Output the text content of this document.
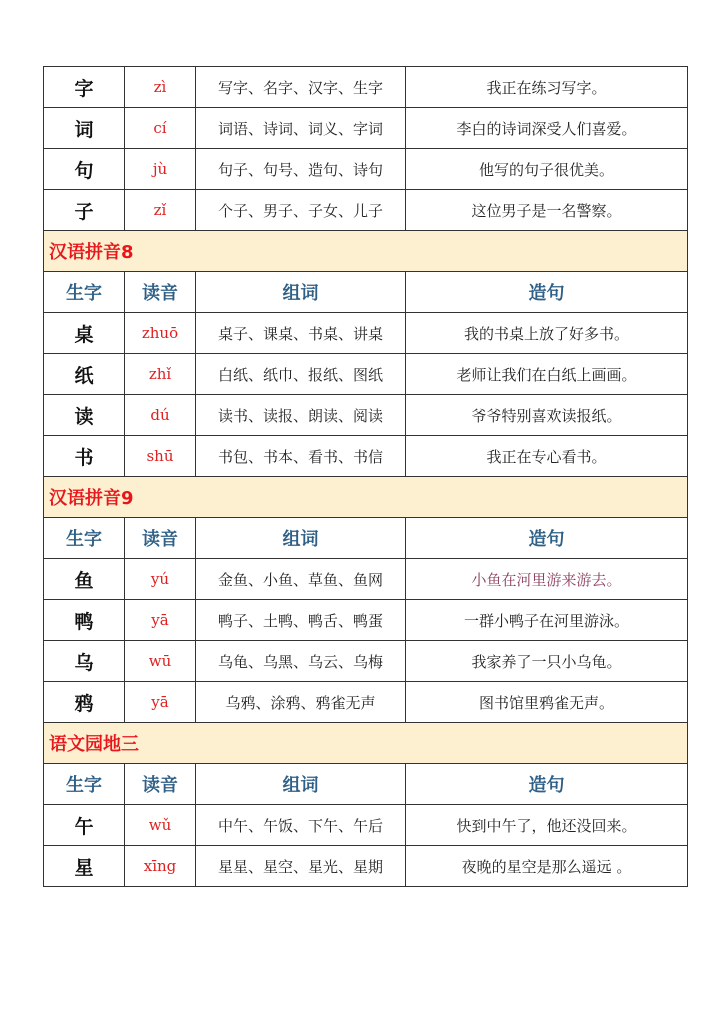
字	zì	写字、名字、汉字、生字	我正在练习写字。
词	cí	词语、诗词、词义、字词	李白的诗词深受人们喜爱。
句	jù	句子、句号、造句、诗句	他写的句子很优美。
子	zǐ	个子、男子、子女、儿子	这位男子是一名警察。
汉语拼音8			
生字	读音	组词	造句
桌	zhuō	桌子、课桌、书桌、讲桌	我的书桌上放了好多书。
纸	zhǐ	白纸、纸巾、报纸、图纸	老师让我们在白纸上画画。
读	dú	读书、读报、朗读、阅读	爷爷特别喜欢读报纸。
书	shū	书包、书本、看书、书信	我正在专心看书。
汉语拼音9			
生字	读音	组词	造句
鱼	yú	金鱼、小鱼、草鱼、鱼网	小鱼在河里游来游去。
鸭	yā	鸭子、土鸭、鸭舌、鸭蛋	一群小鸭子在河里游泳。
乌	wū	乌龟、乌黑、乌云、乌梅	我家养了一只小乌龟。
鸦	yā	乌鸦、涂鸦、鸦雀无声	图书馆里鸦雀无声。
语文园地三			
生字	读音	组词	造句
午	wǔ	中午、午饭、下午、午后	快到中午了，他还没回来。
星	xīng	星星、星空、星光、星期	夜晚的星空是那么遥远 。
